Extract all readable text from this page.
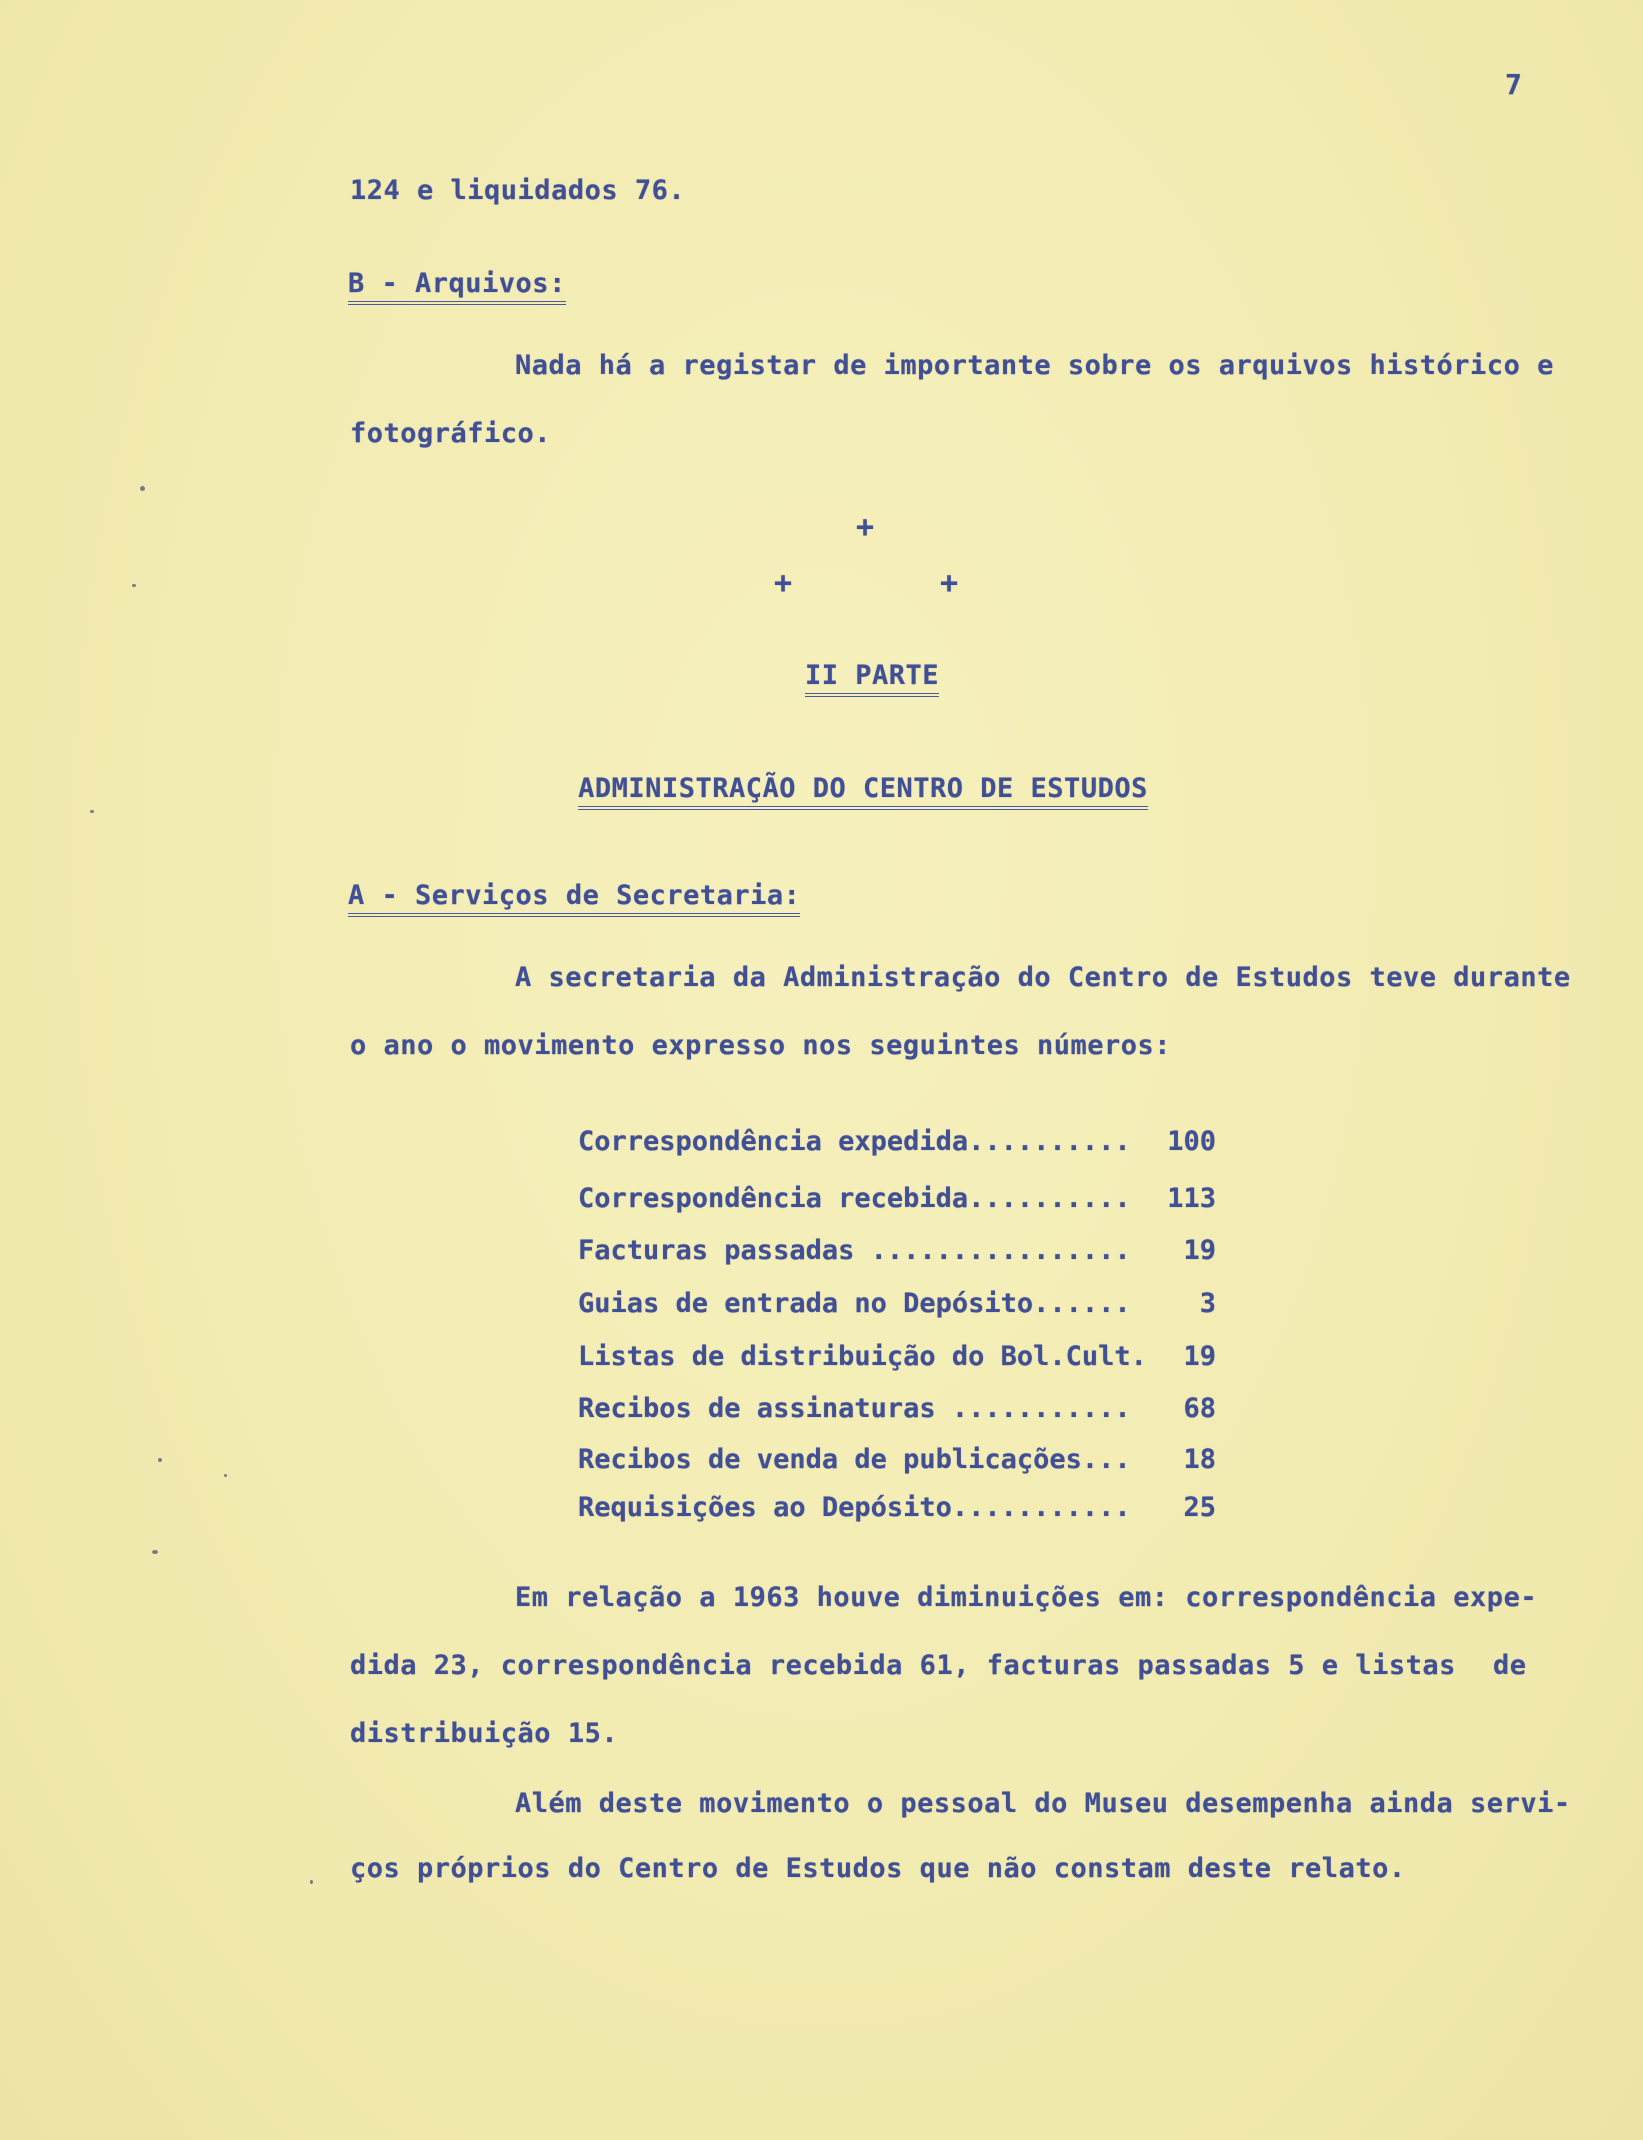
7
124 e liquidados 76.
B - Arquivos:
Nada há a registar de importante sobre os arquivos histórico e
fotográfico.
+
+	+
II PARTE
ADMINISTRAÇÃO DO CENTRO DE ESTUDOS
A - Serviços de Secretaria:
A secretaria da Administração do Centro de Estudos teve durante
o ano o movimento expresso nos seguintes números:
Correspondência expedida.......... 100
Correspondência recebida.......... 113
Facturas passadas ................ 19
Guias de entrada no Depósito......	3
Listas de distribuição do Bol.Cult. 19
Recibos de assinaturas ........... 68
Recibos de venda de publicações... 18
Requisições ao Depósito........... 25
Em relação a 1963 houve diminuições em: correspondência expe-
dida 23, correspondência recebida 61, facturas passadas 5 e listas de
distribuição 15.
Além deste movimento o pessoal do Museu desempenha ainda servi-
ços próprios do Centro de Estudos que não constam deste relato.
